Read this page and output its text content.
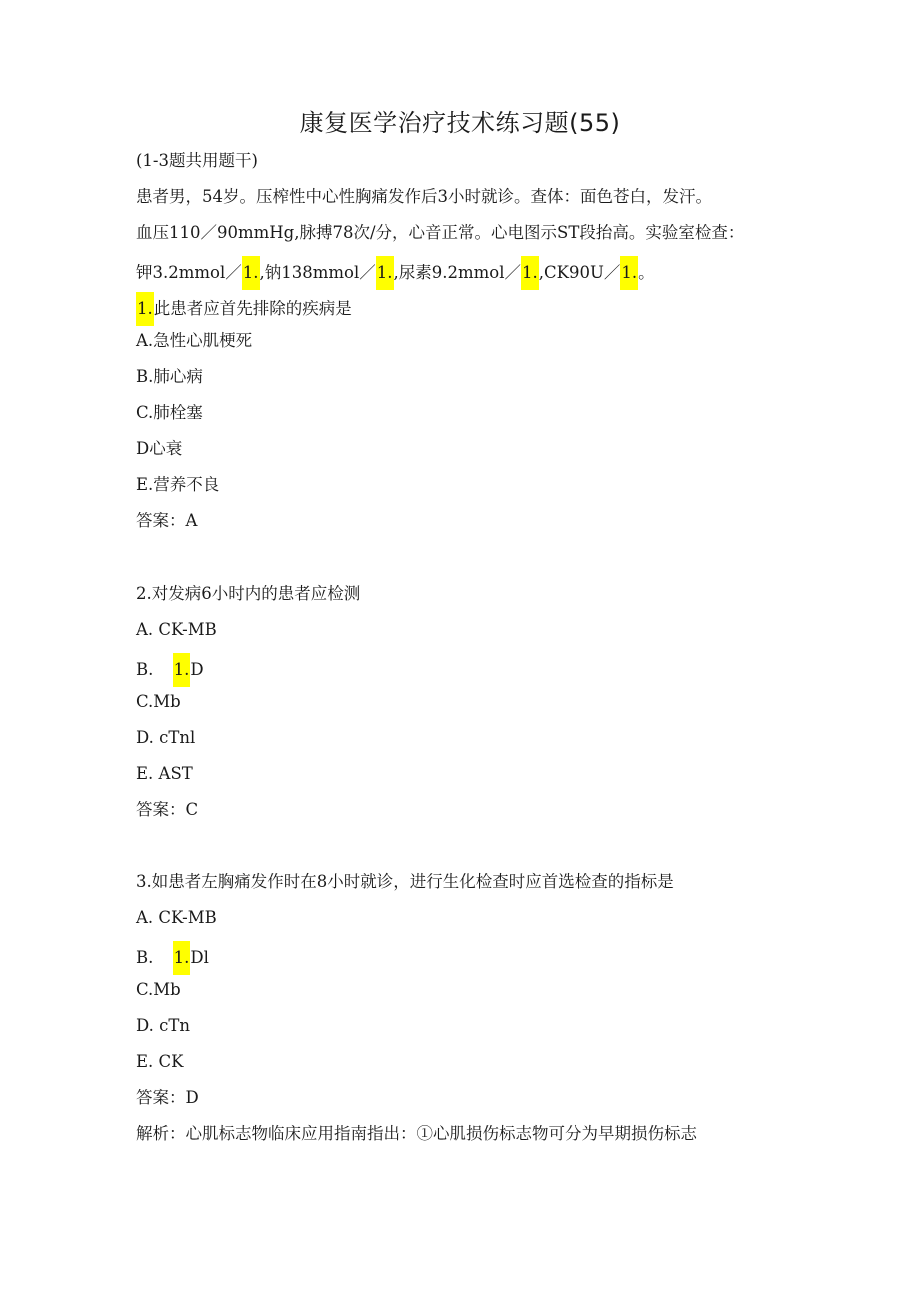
康复医学治疗技术练习题(55)
(1-3题共用题干)
患者男，54岁。压榨性中心性胸痛发作后3小时就诊。查体：面色苍白，发汗。
血压110／90mmHg,脉搏78次/分，心音正常。心电图示ST段抬高。实验室检查：
钾3.2mmol／1.,钠138mmol／1.,尿素9.2mmol／1.,CK90U／1.。
1.此患者应首先排除的疾病是
A.急性心肌梗死
B.肺心病
C.肺栓塞
D心衰
E.营养不良
答案：A
2.对发病6小时内的患者应检测
A. CK-MB
B. 1.D
C.Mb
D. cTnl
E. AST
答案：C
3.如患者左胸痛发作时在8小时就诊，进行生化检查时应首选检查的指标是
A. CK-MB
B. 1.Dl
C.Mb
D. cTn
E. CK
答案：D
解析：心肌标志物临床应用指南指出：①心肌损伤标志物可分为早期损伤标志
